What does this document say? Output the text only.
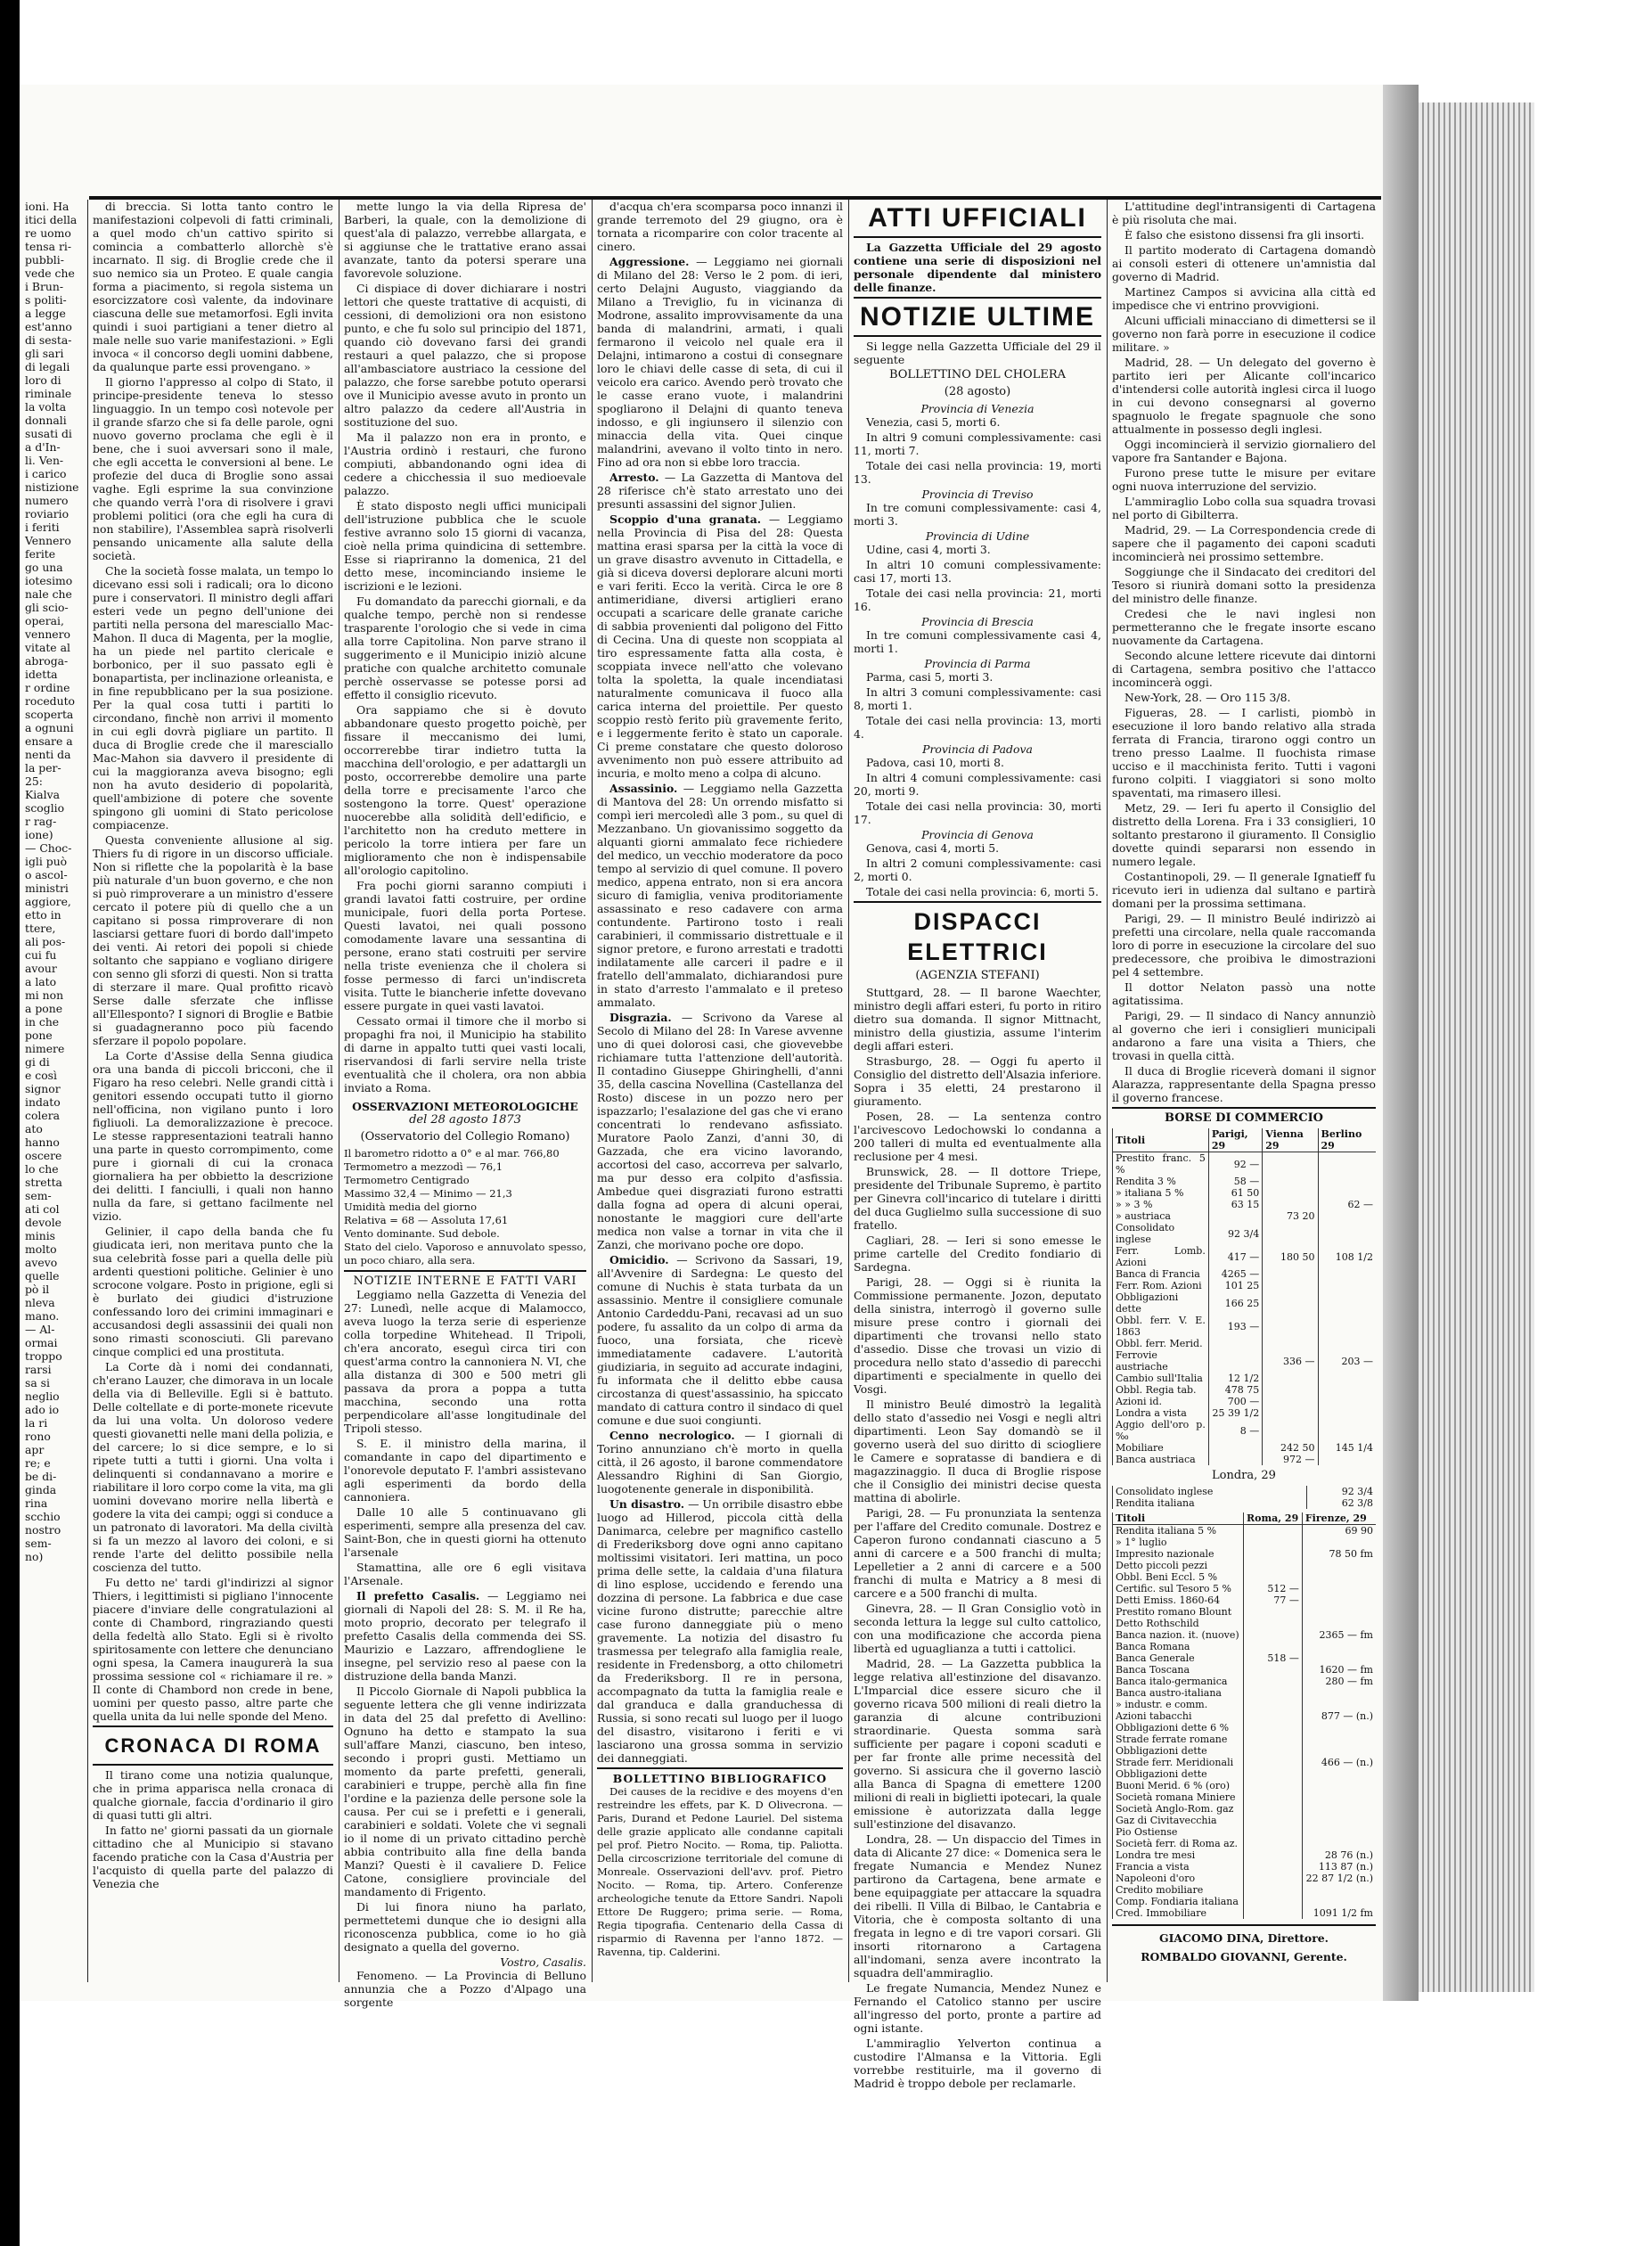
ioni. Ha
itici della
re uomo
tensa ri-
pubbli-
vede che
i Brun-
s politi-
a legge
est'anno
di sesta-
gli sari
di legali
loro di
riminale
la volta
donnali
susati di
a d'In-
li. Ven-
i carico
nistizione
numero
roviario
i feriti
Vennero
ferite
go una
iotesimo
nale che
gli scio-
operai,
vennero
vitate al
abroga-
idetta
r ordine
roceduto
scoperta
a ognuni
ensare a
nenti da
la per-
25:
Kialva
scoglio
r rag-
ione)
— Choc-
igli può
o ascol-
ministri
aggiore,
etto in
ttere,
ali pos-
cui fu
avour
a lato
mi non
a pone
in che
pone
nimere
gi di
e così
signor
indato
colera
ato
hanno
oscere
lo che
stretta
sem-
ati col
devole
minis
molto
avevo
quelle
pò il
nleva
mano.
— Al-
ormai
troppo
rarsi
sa si
neglio
ado io
la ri
rono
apr
re; e
be di-
ginda
rina
scchio
nostro
sem-
no)

di breccia. Si lotta tanto contro le manifestazioni colpevoli di fatti criminali, a quel modo ch'un cattivo spirito si comincia a combatterlo allorchè s'è incarnato. Il sig. di Broglie crede che il suo nemico sia un Proteo. E quale cangia forma a piacimento, si regola sistema un esorcizzatore così valente, da indovinare ciascuna delle sue metamorfosi. Egli invita quindi i suoi partigiani a tener dietro al male nelle suo varie manifestazioni. » Egli invoca « il concorso degli uomini dabbene, da qualunque parte essi provengano. »

Il giorno l'appresso al colpo di Stato, il principe-presidente teneva lo stesso linguaggio. In un tempo così notevole per il grande sfarzo che si fa delle parole, ogni nuovo governo proclama che egli è il bene, che i suoi avversari sono il male, che egli accetta le conversioni al bene. Le profezie del duca di Broglie sono assai vaghe. Egli esprime la sua convinzione che quando verrà l'ora di risolvere i gravi problemi politici (ora che egli ha cura di non stabilire), l'Assemblea saprà risolverli pensando unicamente alla salute della società.

Che la società fosse malata, un tempo lo dicevano essi soli i radicali; ora lo dicono pure i conservatori. Il ministro degli affari esteri vede un pegno dell'unione dei partiti nella persona del maresciallo Mac-Mahon. Il duca di Magenta, per la moglie, ha un piede nel partito clericale e borbonico, per il suo passato egli è bonapartista, per inclinazione orleanista, e in fine repubblicano per la sua posizione. Per la qual cosa tutti i partiti lo circondano, finchè non arrivi il momento in cui egli dovrà pigliare un partito. Il duca di Broglie crede che il maresciallo Mac-Mahon sia davvero il presidente di cui la maggioranza aveva bisogno; egli non ha avuto desiderio di popolarità, quell'ambizione di potere che sovente spingono gli uomini di Stato pericolose compiacenze.

Questa conveniente allusione al sig. Thiers fu di rigore in un discorso ufficiale. Non si riflette che la popolarità è la base più naturale d'un buon governo, e che non si può rimproverare a un ministro d'essere cercato il potere più di quello che a un capitano si possa rimproverare di non lasciarsi gettare fuori di bordo dall'impeto dei venti. Ai retori dei popoli si chiede soltanto che sappiano e vogliano dirigere con senno gli sforzi di questi. Non si tratta di sterzare il mare. Qual profitto ricavò Serse dalle sferzate che inflisse all'Ellesponto? I signori di Broglie e Batbie si guadagneranno poco più facendo sferzare il popolo popolare.

La Corte d'Assise della Senna giudica ora una banda di piccoli bricconi, che il Figaro ha reso celebri. Nelle grandi città i genitori essendo occupati tutto il giorno nell'officina, non vigilano punto i loro figliuoli. La demoralizzazione è precoce. Le stesse rappresentazioni teatrali hanno una parte in questo corrompimento, come pure i giornali di cui la cronaca giornaliera ha per obbietto la descrizione dei delitti. I fanciulli, i quali non hanno nulla da fare, si gettano facilmente nel vizio.

Gelinier, il capo della banda che fu giudicata ieri, non meritava punto che la sua celebrità fosse pari a quella delle più ardenti questioni politiche. Gelinier è uno scrocone volgare. Posto in prigione, egli si è burlato dei giudici d'istruzione confessando loro dei crimini immaginari e accusandosi degli assassinii dei quali non sono rimasti sconosciuti. Gli parevano cinque complici ed una prostituta.

La Corte dà i nomi dei condannati, ch'erano Lauzer, che dimorava in un locale della via di Belleville. Egli si è battuto. Delle coltellate e di porte-monete ricevute da lui una volta. Un doloroso vedere questi giovanetti nelle mani della polizia, e del carcere; lo si dice sempre, e lo si ripete tutti a tutti i giorni. Una volta i delinquenti si condannavano a morire e riabilitare il loro corpo come la vita, ma gli uomini dovevano morire nella libertà e godere la vita dei campi; oggi si conduce a un patronato di lavoratori. Ma della civiltà si fa un mezzo al lavoro dei coloni, e si rende l'arte del delitto possibile nella coscienza del tutto.

Fu detto ne' tardi gl'indirizzi al signor Thiers, i legittimisti si pigliano l'innocente piacere d'inviare delle congratulazioni al conte di Chambord, ringraziando questi della fedeltà allo Stato. Egli si è rivolto spiritosamente con lettere che denunciano ogni spesa, la Camera inaugurerà la sua prossima sessione col « richiamare il re. » Il conte di Chambord non crede in bene, uomini per questo passo, altre parte che quella unita da lui nelle sponde del Meno.

CRONACA DI ROMA

Il tirano come una notizia qualunque, che in prima apparisca nella cronaca di qualche giornale, faccia d'ordinario il giro di quasi tutti gli altri.

In fatto ne' giorni passati da un giornale cittadino che al Municipio si stavano facendo pratiche con la Casa d'Austria per l'acquisto di quella parte del palazzo di Venezia che

mette lungo la via della Ripresa de' Barberi, la quale, con la demolizione di quest'ala di palazzo, verrebbe allargata, e si aggiunse che le trattative erano assai avanzate, tanto da potersi sperare una favorevole soluzione.

Ci dispiace di dover dichiarare i nostri lettori che queste trattative di acquisti, di cessioni, di demolizioni ora non esistono punto, e che fu solo sul principio del 1871, quando ciò dovevano farsi dei grandi restauri a quel palazzo, che si propose all'ambasciatore austriaco la cessione del palazzo, che forse sarebbe potuto operarsi ove il Municipio avesse avuto in pronto un altro palazzo da cedere all'Austria in sostituzione del suo.

Ma il palazzo non era in pronto, e l'Austria ordinò i restauri, che furono compiuti, abbandonando ogni idea di cedere a chicchessia il suo medioevale palazzo.

È stato disposto negli uffici municipali dell'istruzione pubblica che le scuole festive avranno solo 15 giorni di vacanza, cioè nella prima quindicina di settembre. Esse si riapriranno la domenica, 21 del detto mese, incominciando insieme le iscrizioni e le lezioni.

Fu domandato da parecchi giornali, e da qualche tempo, perchè non si rendesse trasparente l'orologio che si vede in cima alla torre Capitolina. Non parve strano il suggerimento e il Municipio iniziò alcune pratiche con qualche architetto comunale perchè osservasse se potesse porsi ad effetto il consiglio ricevuto.

Ora sappiamo che si è dovuto abbandonare questo progetto poichè, per fissare il meccanismo dei lumi, occorrerebbe tirar indietro tutta la macchina dell'orologio, e per adattargli un posto, occorrerebbe demolire una parte della torre e precisamente l'arco che sostengono la torre. Quest' operazione nuocerebbe alla solidità dell'edificio, e l'architetto non ha creduto mettere in pericolo la torre intiera per fare un miglioramento che non è indispensabile all'orologio capitolino.

Fra pochi giorni saranno compiuti i grandi lavatoi fatti costruire, per ordine municipale, fuori della porta Portese. Questi lavatoi, nei quali possono comodamente lavare una sessantina di persone, erano stati costruiti per servire nella triste evenienza che il cholera si fosse permesso di farci un'indiscreta visita. Tutte le biancherie infette dovevano essere purgate in quei vasti lavatoi.

Cessato ormai il timore che il morbo si propaghi fra noi, il Municipio ha stabilito di darne in appalto tutti quei vasti locali, riservandosi di farli servire nella triste eventualità che il cholera, ora non abbia inviato a Roma.

OSSERVAZIONI METEOROLOGICHE
del 28 agosto 1873
(Osservatorio del Collegio Romano)
Il barometro ridotto a 0° e al mar. 766,80
Termometro a mezzodì — 76,1
Termometro Centigrado
Massimo 32,4 — Minimo — 21,3
Umidità media del giorno
Relativa = 68 — Assoluta 17,61
Vento dominante. Sud debole.
Stato del cielo. Vaporoso e annuvolato spesso, un poco chiaro, alla sera.
NOTIZIE INTERNE E FATTI VARI

Leggiamo nella Gazzetta di Venezia del 27: Lunedì, nelle acque di Malamocco, aveva luogo la terza serie di esperienze colla torpedine Whitehead. Il Tripoli, ch'era ancorato, eseguì circa tiri con quest'arma contro la cannoniera N. VI, che alla distanza di 300 e 500 metri gli passava da prora a poppa a tutta macchina, secondo una rotta perpendicolare all'asse longitudinale del Tripoli stesso.

S. E. il ministro della marina, il comandante in capo del dipartimento e l'onorevole deputato F. l'ambri assistevano agli esperimenti da bordo della cannoniera.

Dalle 10 alle 5 continuavano gli esperimenti, sempre alla presenza del cav. Saint-Bon, che in questi giorni ha ottenuto l'arsenale

Stamattina, alle ore 6 egli visitava l'Arsenale.

Il prefetto Casalis. — Leggiamo nei giornali di Napoli del 28: S. M. il Re ha, moto proprio, decorato per telegrafo il prefetto Casalis della commenda dei SS. Maurizio e Lazzaro, affrendogliene le insegne, pel servizio reso al paese con la distruzione della banda Manzi.

Il Piccolo Giornale di Napoli pubblica la seguente lettera che gli venne indirizzata in data del 25 dal prefetto di Avellino: Ognuno ha detto e stampato la sua sull'affare Manzi, ciascuno, ben inteso, secondo i propri gusti. Mettiamo un momento da parte prefetti, generali, carabinieri e truppe, perchè alla fin fine l'ordine e la pazienza delle persone sole la causa. Per cui se i prefetti e i generali, carabinieri e soldati. Volete che vi segnali io il nome di un privato cittadino perchè abbia contribuito alla fine della banda Manzi? Questi è il cavaliere D. Felice Catone, consigliere provinciale del mandamento di Frigento.

Di lui finora niuno ha parlato, permettetemi dunque che io designi alla riconoscenza pubblica, come io ho già designato a quella del governo.

Vostro, Casalis.

Fenomeno. — La Provincia di Belluno annunzia che a Pozzo d'Alpago una sorgente

d'acqua ch'era scomparsa poco innanzi il grande terremoto del 29 giugno, ora è tornata a ricomparire con color tracente al cinero.

Aggressione. — Leggiamo nei giornali di Milano del 28: Verso le 2 pom. di ieri, certo Delajni Augusto, viaggiando da Milano a Treviglio, fu in vicinanza di Modrone, assalito improvvisamente da una banda di malandrini, armati, i quali fermarono il veicolo nel quale era il Delajni, intimarono a costui di consegnare loro le chiavi delle casse di seta, di cui il veicolo era carico. Avendo però trovato che le casse erano vuote, i malandrini spogliarono il Delajni di quanto teneva indosso, e gli ingiunsero il silenzio con minaccia della vita. Quei cinque malandrini, avevano il volto tinto in nero. Fino ad ora non si ebbe loro traccia.

Arresto. — La Gazzetta di Mantova del 28 riferisce ch'è stato arrestato uno dei presunti assassini del signor Julien.

Scoppio d'una granata. — Leggiamo nella Provincia di Pisa del 28: Questa mattina erasi sparsa per la città la voce di un grave disastro avvenuto in Cittadella, e già si diceva doversi deplorare alcuni morti e vari feriti. Ecco la verità. Circa le ore 8 antimeridiane, diversi artiglieri erano occupati a scaricare delle granate cariche di sabbia provenienti dal poligono del Fitto di Cecina. Una di queste non scoppiata al tiro espressamente fatta alla costa, è scoppiata invece nell'atto che volevano tolta la spoletta, la quale incendiatasi naturalmente comunicava il fuoco alla carica interna del proiettile. Per questo scoppio restò ferito più gravemente ferito, e i leggermente ferito è stato un caporale. Ci preme constatare che questo doloroso avvenimento non può essere attribuito ad incuria, e molto meno a colpa di alcuno.

Assassinio. — Leggiamo nella Gazzetta di Mantova del 28: Un orrendo misfatto si compì ieri mercoledì alle 3 pom., su quel di Mezzanbano. Un giovanissimo soggetto da alquanti giorni ammalato fece richiedere del medico, un vecchio moderatore da poco tempo al servizio di quel comune. Il povero medico, appena entrato, non si era ancora sicuro di famiglia, veniva proditoriamente assassinato e reso cadavere con arma contundente. Partirono tosto i reali carabinieri, il commissario distrettuale e il signor pretore, e furono arrestati e tradotti indilatamente alle carceri il padre e il fratello dell'ammalato, dichiarandosi pure in stato d'arresto l'ammalato e il preteso ammalato.

Disgrazia. — Scrivono da Varese al Secolo di Milano del 28: In Varese avvenne uno di quei dolorosi casi, che giovevebbe richiamare tutta l'attenzione dell'autorità. Il contadino Giuseppe Ghiringhelli, d'anni 35, della cascina Novellina (Castellanza del Rosto) discese in un pozzo nero per ispazzarlo; l'esalazione del gas che vi erano concentrati lo rendevano asfissiato. Muratore Paolo Zanzi, d'anni 30, di Gazzada, che era vicino lavorando, accortosi del caso, accorreva per salvarlo, ma pur desso era colpito d'asfissia. Ambedue quei disgraziati furono estratti dalla fogna ad opera di alcuni operai, nonostante le maggiori cure dell'arte medica non valse a tornar in vita che il Zanzi, che morivano poche ore dopo.

Omicidio. — Scrivono da Sassari, 19, all'Avvenire di Sardegna: Le questo del comune di Nuchis è stata turbata da un assassinio. Mentre il consigliere comunale Antonio Cardeddu-Pani, recavasi ad un suo podere, fu assalito da un colpo di arma da fuoco, una forsiata, che ricevè immediatamente cadavere. L'autorità giudiziaria, in seguito ad accurate indagini, fu informata che il delitto ebbe causa circostanza di quest'assassinio, ha spiccato mandato di cattura contro il sindaco di quel comune e due suoi congiunti.

Cenno necrologico. — I giornali di Torino annunziano ch'è morto in quella città, il 26 agosto, il barone commendatore Alessandro Righini di San Giorgio, luogotenente generale in disponibilità.

Un disastro. — Un orribile disastro ebbe luogo ad Hillerod, piccola città della Danimarca, celebre per magnifico castello di Frederiksborg dove ogni anno capitano moltissimi visitatori. Ieri mattina, un poco prima delle sette, la caldaia d'una filatura di lino esplose, uccidendo e ferendo una dozzina di persone. La fabbrica e due case vicine furono distrutte; parecchie altre case furono danneggiate più o meno gravemente. La notizia del disastro fu trasmessa per telegrafo alla famiglia reale, residente in Fredensborg, a otto chilometri da Frederiksborg. Il re in persona, accompagnato da tutta la famiglia reale e dal granduca e dalla granduchessa di Russia, si sono recati sul luogo per il luogo del disastro, visitarono i feriti e vi lasciarono una grossa somma in servizio dei danneggiati.

BOLLETTINO BIBLIOGRAFICO

Dei causes de la recidive e des moyens d'en restreindre les effets, par K. D Olivecrona. — Paris, Durand et Pedone Lauriel. Del sistema delle grazie applicato alle condanne capitali pel prof. Pietro Nocito. — Roma, tip. Paliotta. Della circoscrizione territoriale del comune di Monreale. Osservazioni dell'avv. prof. Pietro Nocito. — Roma, tip. Artero. Conferenze archeologiche tenute da Ettore Sandri. Napoli Ettore De Ruggero; prima serie. — Roma, Regia tipografia. Centenario della Cassa di risparmio di Ravenna per l'anno 1872. — Ravenna, tip. Calderini.

ATTI UFFICIALI

La Gazzetta Ufficiale del 29 agosto contiene una serie di disposizioni nel personale dipendente dal ministero delle finanze.

NOTIZIE ULTIME

Si legge nella Gazzetta Ufficiale del 29 il seguente

BOLLETTINO DEL CHOLERA
(28 agosto)
Provincia di Venezia

Venezia, casi 5, morti 6.

In altri 9 comuni complessivamente: casi 11, morti 7.

Totale dei casi nella provincia: 19, morti 13.

Provincia di Treviso

In tre comuni complessivamente: casi 4, morti 3.

Provincia di Udine

Udine, casi 4, morti 3.

In altri 10 comuni complessivamente: casi 17, morti 13.

Totale dei casi nella provincia: 21, morti 16.

Provincia di Brescia

In tre comuni complessivamente casi 4, morti 1.

Provincia di Parma

Parma, casi 5, morti 3.

In altri 3 comuni complessivamente: casi 8, morti 1.

Totale dei casi nella provincia: 13, morti 4.

Provincia di Padova

Padova, casi 10, morti 8.

In altri 4 comuni complessivamente: casi 20, morti 9.

Totale dei casi nella provincia: 30, morti 17.

Provincia di Genova

Genova, casi 4, morti 5.

In altri 2 comuni complessivamente: casi 2, morti 0.

Totale dei casi nella provincia: 6, morti 5.

DISPACCI ELETTRICI
(AGENZIA STEFANI)

Stuttgard, 28. — Il barone Waechter, ministro degli affari esteri, fu porto in ritiro dietro sua domanda. Il signor Mittnacht, ministro della giustizia, assume l'interim degli affari esteri.

Strasburgo, 28. — Oggi fu aperto il Consiglio del distretto dell'Alsazia inferiore. Sopra i 35 eletti, 24 prestarono il giuramento.

Posen, 28. — La sentenza contro l'arcivescovo Ledochowski lo condanna a 200 talleri di multa ed eventualmente alla reclusione per 4 mesi.

Brunswick, 28. — Il dottore Triepe, presidente del Tribunale Supremo, è partito per Ginevra coll'incarico di tutelare i diritti del duca Guglielmo sulla successione di suo fratello.

Cagliari, 28. — Ieri si sono emesse le prime cartelle del Credito fondiario di Sardegna.

Parigi, 28. — Oggi si è riunita la Commissione permanente. Jozon, deputato della sinistra, interrogò il governo sulle misure prese contro i giornali dei dipartimenti che trovansi nello stato d'assedio. Disse che trovasi un vizio di procedura nello stato d'assedio di parecchi dipartimenti e specialmente in quello dei Vosgi.

Il ministro Beulé dimostrò la legalità dello stato d'assedio nei Vosgi e negli altri dipartimenti. Leon Say domandò se il governo userà del suo diritto di sciogliere le Camere e sopratasse di bandiera e di magazzinaggio. Il duca di Broglie rispose che il Consiglio dei ministri decise questa mattina di abolirle.

Parigi, 28. — Fu pronunziata la sentenza per l'affare del Credito comunale. Dostrez e Caperon furono condannati ciascuno a 5 anni di carcere e a 500 franchi di multa; Lepelletier a 2 anni di carcere e a 500 franchi di multa e Matricy a 8 mesi di carcere e a 500 franchi di multa.

Ginevra, 28. — Il Gran Consiglio votò in seconda lettura la legge sul culto cattolico, con una modificazione che accorda piena libertà ed uguaglianza a tutti i cattolici.

Madrid, 28. — La Gazzetta pubblica la legge relativa all'estinzione del disavanzo. L'Imparcial dice essere sicuro che il governo ricava 500 milioni di reali dietro la garanzia di alcune contribuzioni straordinarie. Questa somma sarà sufficiente per pagare i coponi scaduti e per far fronte alle prime necessità del governo. Si assicura che il governo lasciò alla Banca di Spagna di emettere 1200 milioni di reali in biglietti ipotecari, la quale emissione è autorizzata dalla legge sull'estinzione del disavanzo.

Londra, 28. — Un dispaccio del Times in data di Alicante 27 dice: « Domenica sera le fregate Numancia e Mendez Nunez partirono da Cartagena, bene armate e bene equipaggiate per attaccare la squadra dei ribelli. Il Villa di Bilbao, le Cantabria e Vitoria, che è composta soltanto di una fregata in legno e di tre vapori corsari. Gli insorti ritornarono a Cartagena all'indomani, senza avere incontrato la squadra dell'ammiraglio.

Le fregate Numancia, Mendez Nunez e Fernando el Catolico stanno per uscire all'ingresso del porto, pronte a partire ad ogni istante.

L'ammiraglio Yelverton continua a custodire l'Almansa e la Vittoria. Egli vorrebbe restituirle, ma il governo di Madrid è troppo debole per reclamarle.

L'attitudine degl'intransigenti di Cartagena è più risoluta che mai.

È falso che esistono dissensi fra gli insorti.

Il partito moderato di Cartagena domandò ai consoli esteri di ottenere un'amnistia dal governo di Madrid.

Martinez Campos si avvicina alla città ed impedisce che vi entrino provvigioni.

Alcuni ufficiali minacciano di dimettersi se il governo non farà porre in esecuzione il codice militare. »

Madrid, 28. — Un delegato del governo è partito ieri per Alicante coll'incarico d'intendersi colle autorità inglesi circa il luogo in cui devono consegnarsi al governo spagnuolo le fregate spagnuole che sono attualmente in possesso degli inglesi.

Oggi incomincierà il servizio giornaliero del vapore fra Santander e Bajona.

Furono prese tutte le misure per evitare ogni nuova interruzione del servizio.

L'ammiraglio Lobo colla sua squadra trovasi nel porto di Gibilterra.

Madrid, 29. — La Correspondencia crede di sapere che il pagamento dei caponi scaduti incomincierà nei prossimo settembre.

Soggiunge che il Sindacato dei creditori del Tesoro si riunirà domani sotto la presidenza del ministro delle finanze.

Credesi che le navi inglesi non permetteranno che le fregate insorte escano nuovamente da Cartagena.

Secondo alcune lettere ricevute dai dintorni di Cartagena, sembra positivo che l'attacco incomincerà oggi.

New-York, 28. — Oro 115 3/8.

Figueras, 28. — I carlisti, piombò in esecuzione il loro bando relativo alla strada ferrata di Francia, tirarono oggi contro un treno presso Laalme. Il fuochista rimase ucciso e il macchinista ferito. Tutti i vagoni furono colpiti. I viaggiatori si sono molto spaventati, ma rimasero illesi.

Metz, 29. — Ieri fu aperto il Consiglio del distretto della Lorena. Fra i 33 consiglieri, 10 soltanto prestarono il giuramento. Il Consiglio dovette quindi separarsi non essendo in numero legale.

Costantinopoli, 29. — Il generale Ignatieff fu ricevuto ieri in udienza dal sultano e partirà domani per la prossima settimana.

Parigi, 29. — Il ministro Beulé indirizzò ai prefetti una circolare, nella quale raccomanda loro di porre in esecuzione la circolare del suo predecessore, che proibiva le dimostrazioni pel 4 settembre.

Il dottor Nelaton passò una notte agitatissima.

Parigi, 29. — Il sindaco di Nancy annunziò al governo che ieri i consiglieri municipali andarono a fare una visita a Thiers, che trovasi in quella città.

Il duca di Broglie riceverà domani il signor Alarazza, rappresentante della Spagna presso il governo francese.

BORSE DI COMMERCIO
Titoli	Parigi, 29	Vienna 29	Berlino 29
Prestito franc. 5 %	92 —		
Rendita 3 %	58 —		
» italiana 5 %	61 50		
» » 3 %	63 15		62 —
» austriaca		73 20	
Consolidato inglese	92 3/4		
Ferr. Lomb. Azioni	417 —	180 50	108 1/2
Banca di Francia	4265 —		
Ferr. Rom. Azioni	101 25		
Obbligazioni dette	166 25		
Obbl. ferr. V. E. 1863	193 —		
Obbl. ferr. Merid.			
Ferrovie austriache		336 —	203 —
Cambio sull'Italia	12 1/2		
Obbl. Regia tab.	478 75		
Azioni id.	700 —		
Londra a vista	25 39 1/2		
Aggio dell'oro p. ‰	8 —		
Mobiliare		242 50	145 1/4
Banca austriaca		972 —	
Londra, 29
Consolidato inglese	92 3/4
Rendita italiana	62 3/8
Titoli	Roma, 29	Firenze, 29
Rendita italiana 5 %		69 90
» 1° luglio		
Impresito nazionale		78 50 fm
Detto piccoli pezzi		
Obbl. Beni Eccl. 5 %		
Certific. sul Tesoro 5 %	512 —	
Detti Emiss. 1860-64	77 —	
Prestito romano Blount		
Detto Rothschild		
Banca nazion. it. (nuove)		2365 — fm
Banca Romana		
Banca Generale	518 —	
Banca Toscana		1620 — fm
Banca italo-germanica		280 — fm
Banca austro-italiana		
» industr. e comm.		
Azioni tabacchi		877 — (n.)
Obbligazioni dette 6 %		
Strade ferrate romane		
Obbligazioni dette		
Strade ferr. Meridionali		466 — (n.)
Obbligazioni dette		
Buoni Merid. 6 % (oro)		
Società romana Miniere		
Società Anglo-Rom. gaz		
Gaz di Civitavecchia		
Pio Ostiense		
Società ferr. di Roma az.		
Londra tre mesi		28 76 (n.)
Francia a vista		113 87 (n.)
Napoleoni d'oro		22 87 1/2 (n.)
Credito mobiliare		
Comp. Fondiaria italiana		
Cred. Immobiliare		1091 1/2 fm
GIACOMO DINA, Direttore.
ROMBALDO GIOVANNI, Gerente.
